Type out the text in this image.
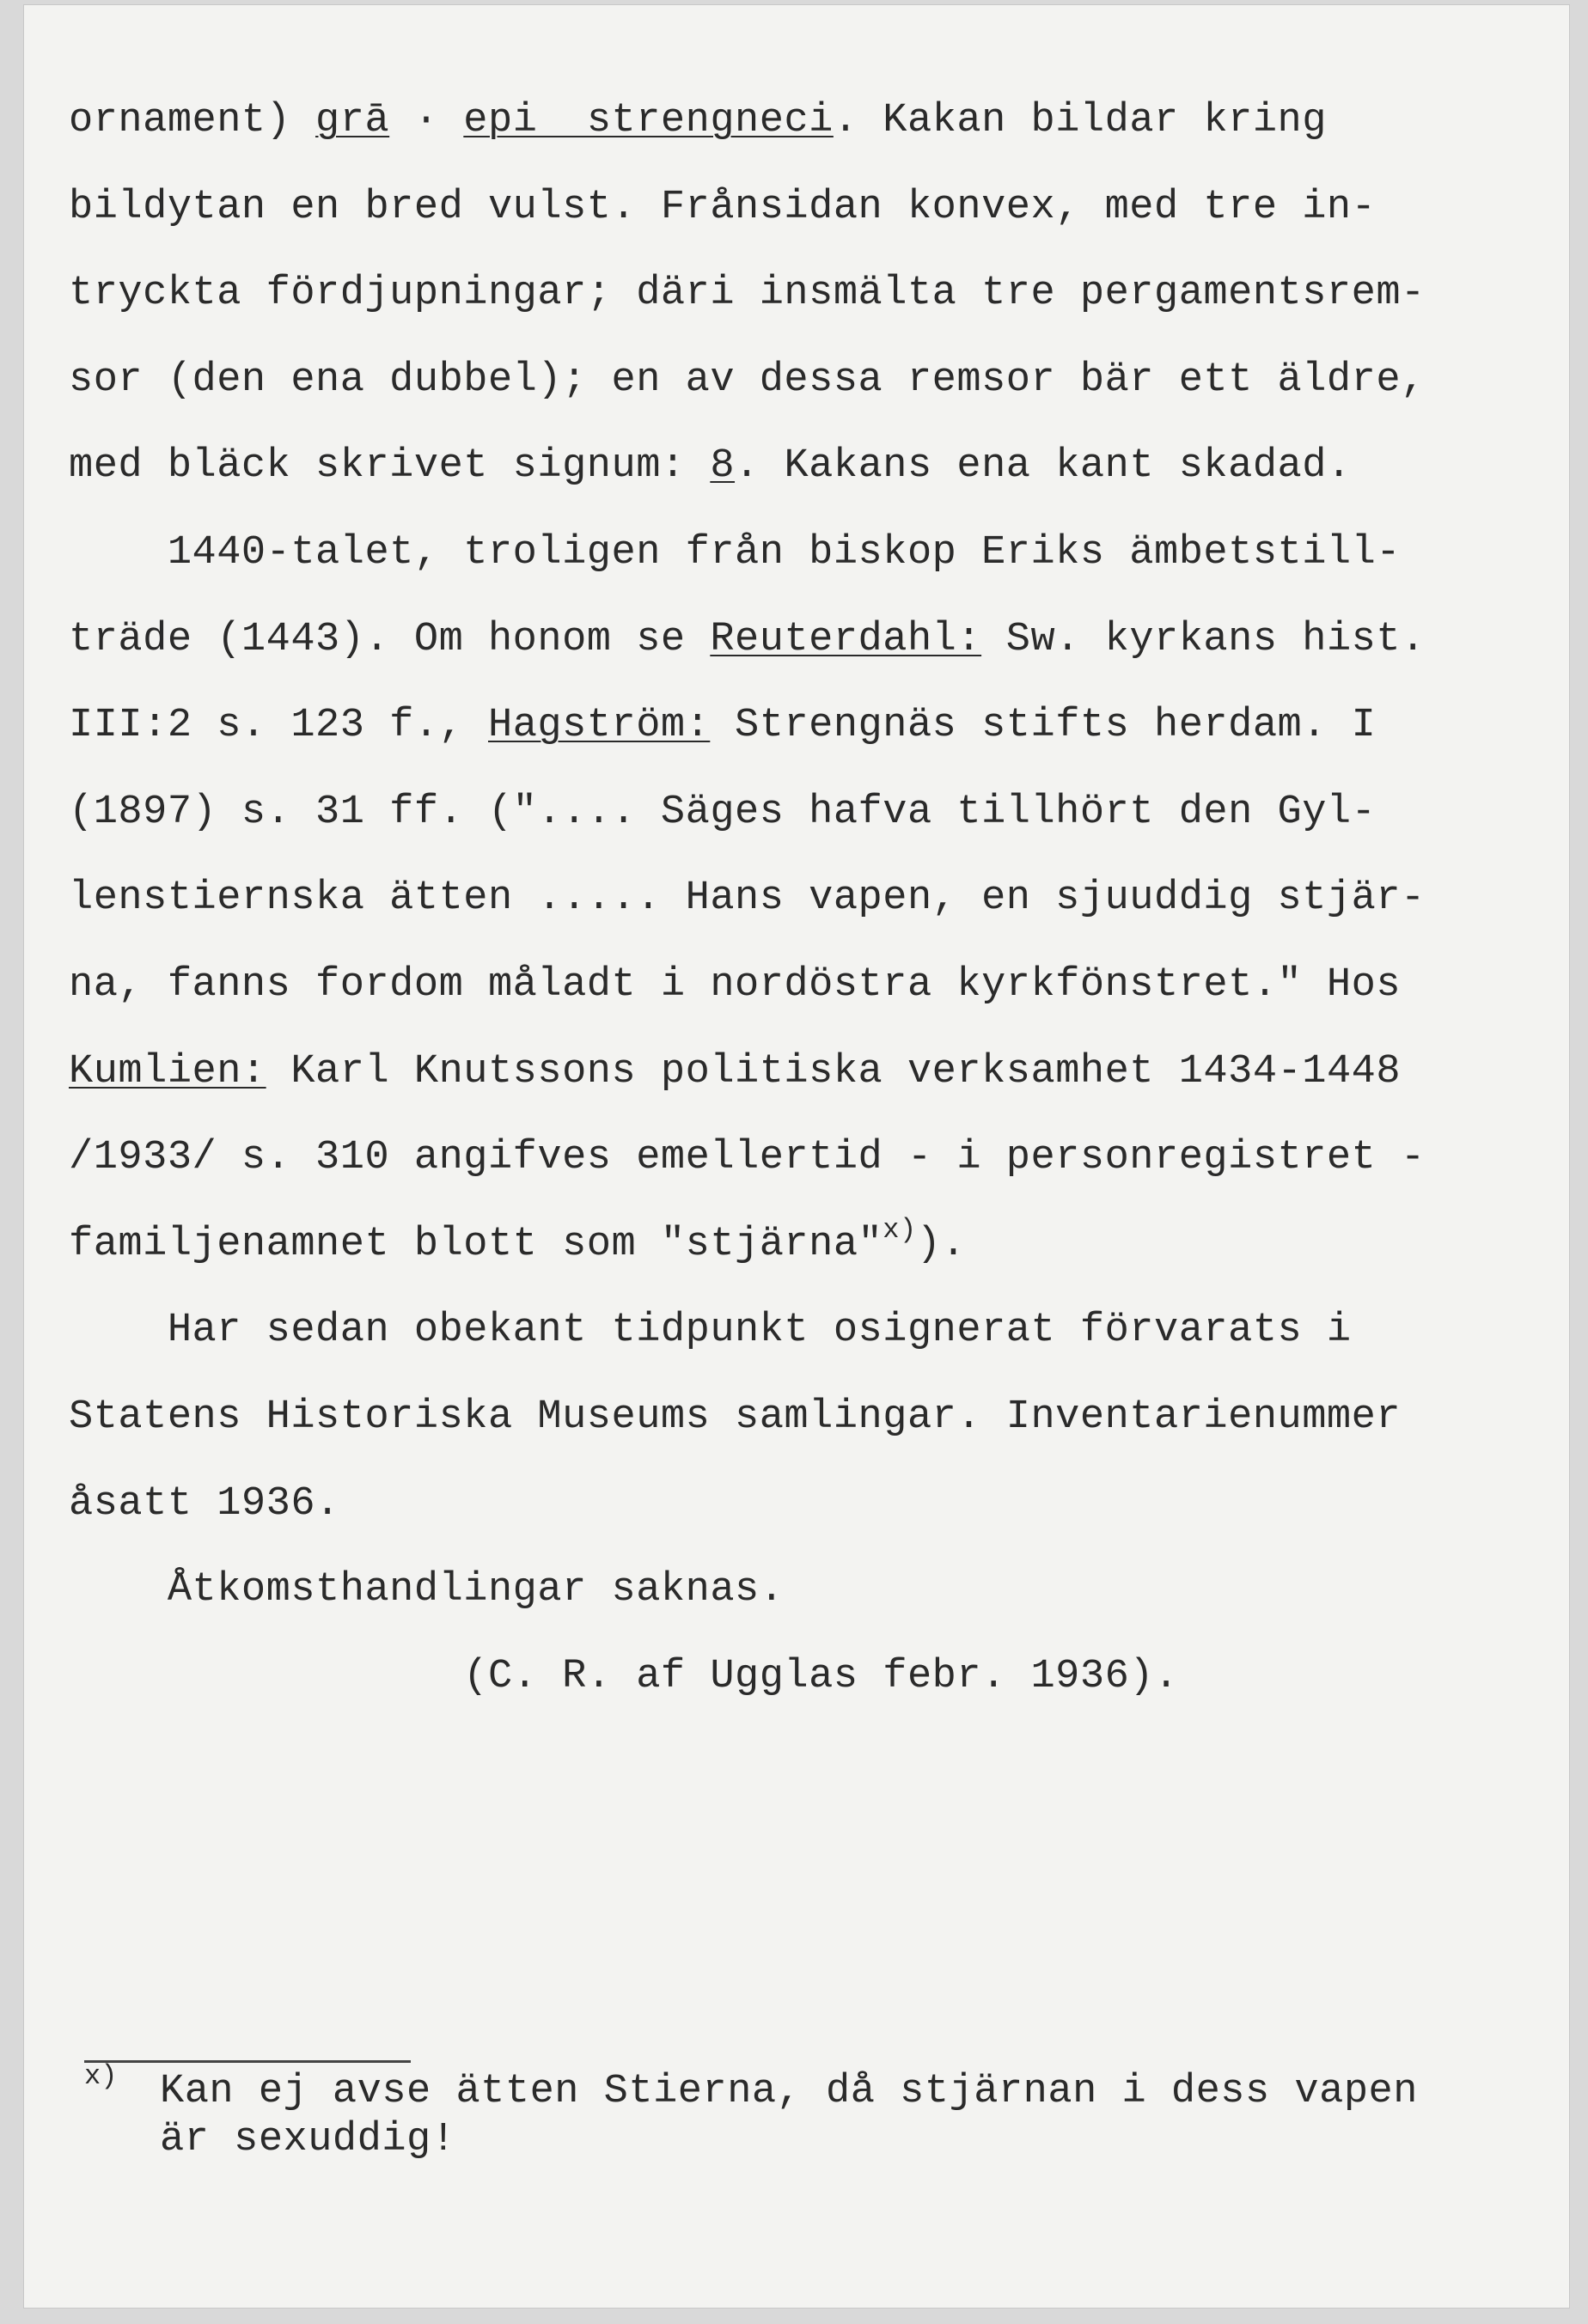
ornament) grā · epi  strengneci. Kakan bildar kring
bildytan en bred vulst. Frånsidan konvex, med tre in-
tryckta fördjupningar; däri insmälta tre pergamentsrem-
sor (den ena dubbel); en av dessa remsor bär ett äldre,
med bläck skrivet signum: 8. Kakans ena kant skadad.
1440-talet, troligen från biskop Eriks ämbetstill-
träde (1443). Om honom se Reuterdahl: Sw. kyrkans hist.
III:2 s. 123 f., Hagström: Strengnäs stifts herdam. I
(1897) s. 31 ff. (".... Säges hafva tillhört den Gyl-
lenstiernska ätten ..... Hans vapen, en sjuuddig stjär-
na, fanns fordom måladt i nordöstra kyrkfönstret." Hos
Kumlien: Karl Knutssons politiska verksamhet 1434-1448
/1933/ s. 310 angifves emellertid - i personregistret -
familjenamnet blott som "stjärna"$^{x)}$).
Har sedan obekant tidpunkt osignerat förvarats i
Statens Historiska Museums samlingar. Inventarienummer
åsatt 1936.
Åtkomsthandlingar saknas.
(C. R. af Ugglas febr. 1936).
x) Kan ej avse ätten Stierna, då stjärnan i dess vapen
är sexuddig!
